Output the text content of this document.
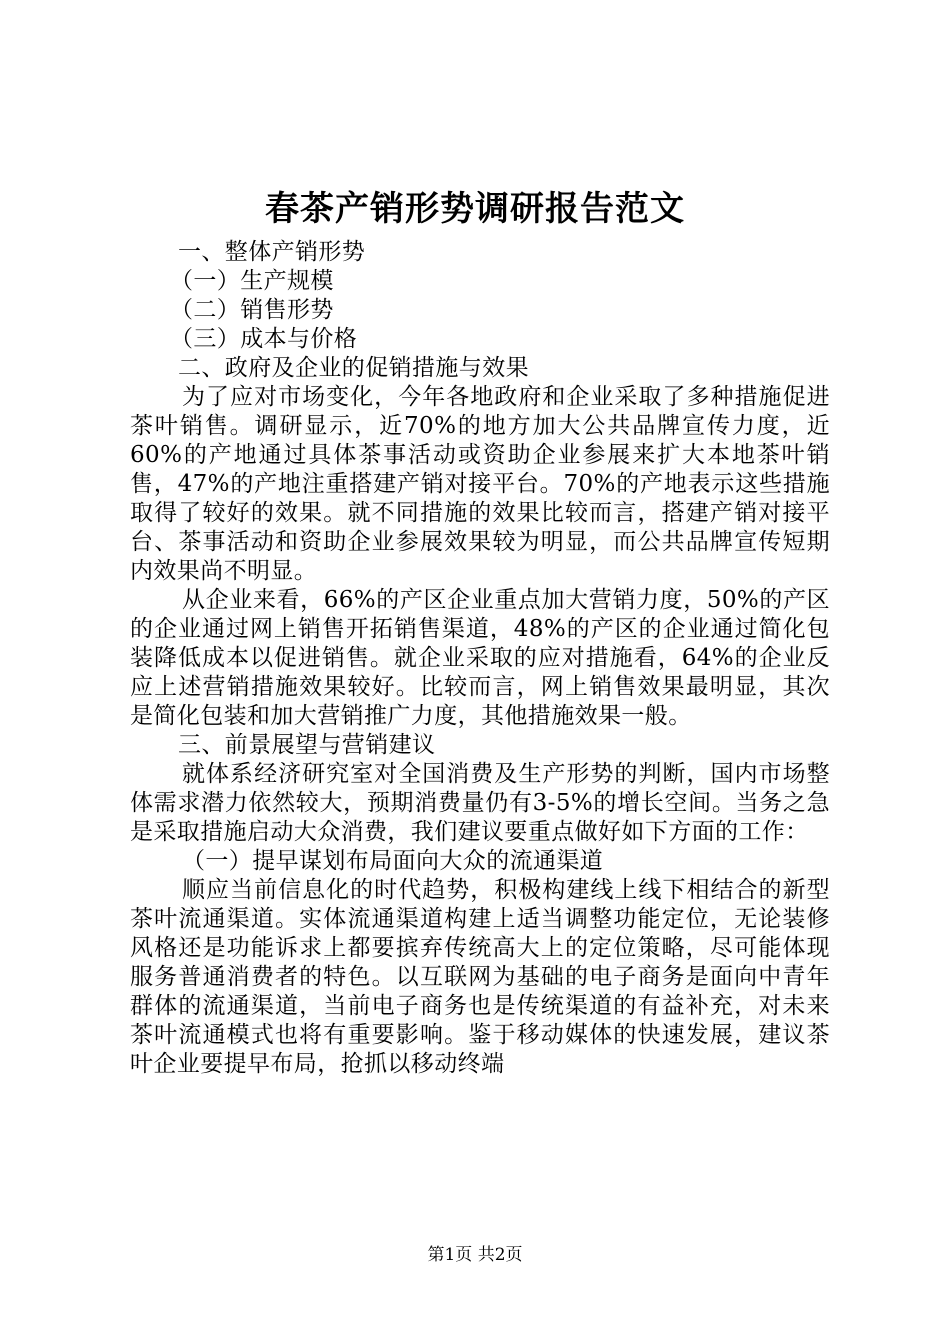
春茶产销形势调研报告范文

一、整体产销形势

（一）生产规模

（二）销售形势

（三）成本与价格

二、政府及企业的促销措施与效果

为了应对市场变化，今年各地政府和企业采取了多种措施促进茶叶销售。调研显示，近70%的地方加大公共品牌宣传力度，近60%的产地通过具体茶事活动或资助企业参展来扩大本地茶叶销售，47%的产地注重搭建产销对接平台。70%的产地表示这些措施取得了较好的效果。就不同措施的效果比较而言，搭建产销对接平台、茶事活动和资助企业参展效果较为明显，而公共品牌宣传短期内效果尚不明显。

从企业来看，66%的产区企业重点加大营销力度，50%的产区的企业通过网上销售开拓销售渠道，48%的产区的企业通过简化包装降低成本以促进销售。就企业采取的应对措施看，64%的企业反应上述营销措施效果较好。比较而言，网上销售效果最明显，其次是简化包装和加大营销推广力度，其他措施效果一般。

三、前景展望与营销建议

就体系经济研究室对全国消费及生产形势的判断，国内市场整体需求潜力依然较大，预期消费量仍有3-5%的增长空间。当务之急是采取措施启动大众消费，我们建议要重点做好如下方面的工作：

（一）提早谋划布局面向大众的流通渠道

顺应当前信息化的时代趋势，积极构建线上线下相结合的新型茶叶流通渠道。实体流通渠道构建上适当调整功能定位，无论装修风格还是功能诉求上都要摈弃传统高大上的定位策略，尽可能体现服务普通消费者的特色。以互联网为基础的电子商务是面向中青年群体的流通渠道，当前电子商务也是传统渠道的有益补充，对未来茶叶流通模式也将有重要影响。鉴于移动媒体的快速发展，建议茶叶企业要提早布局，抢抓以移动终端

第1页 共2页
